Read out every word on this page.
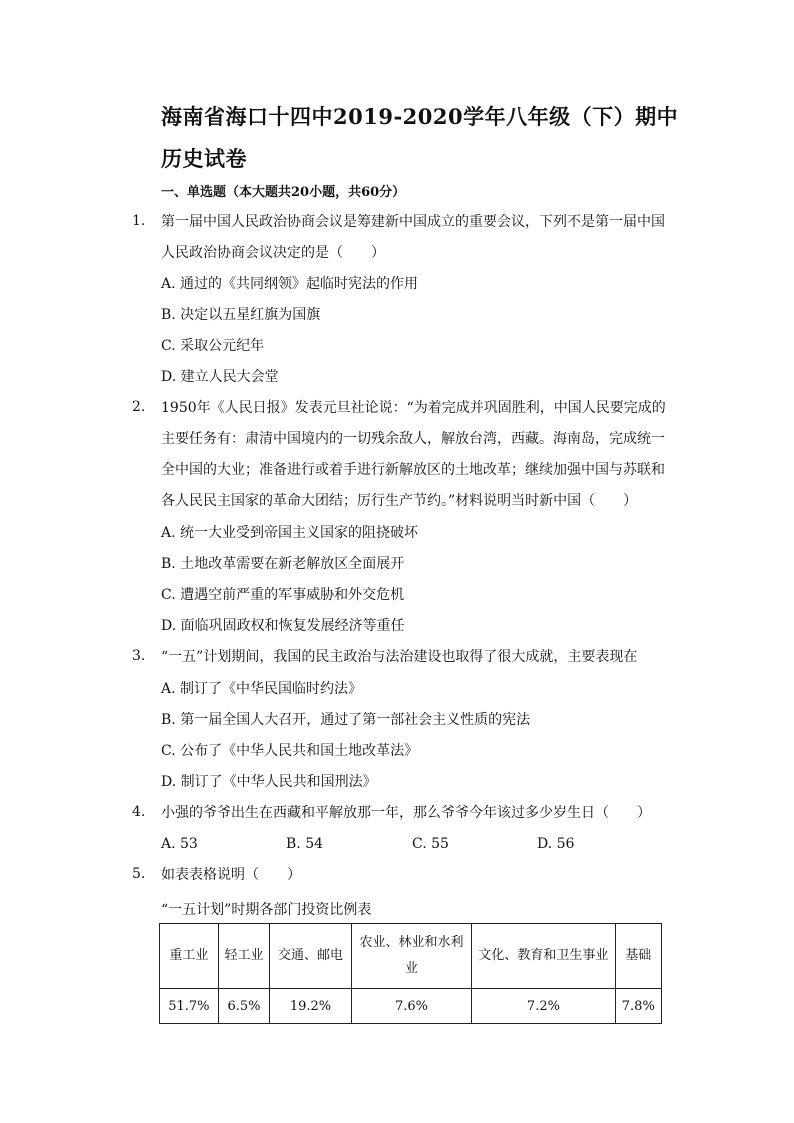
海南省海口十四中2019-2020学年八年级（下）期中历史试卷
一、单选题（本大题共20小题，共60分）
1.	第一届中国人民政治协商会议是筹建新中国成立的重要会议，下列不是第一届中国人民政治协商会议决定的是（　　）
A. 通过的《共同纲领》起临时宪法的作用
B. 决定以五星红旗为国旗
C. 采取公元纪年
D. 建立人民大会堂
2.	1950年《人民日报》发表元旦社论说：“为着完成并巩固胜利，中国人民要完成的主要任务有：肃清中国境内的一切残余敌人，解放台湾，西藏。海南岛，完成统一全中国的大业；准备进行或着手进行新解放区的土地改革；继续加强中国与苏联和各人民民主国家的革命大团结；厉行生产节约。”材料说明当时新中国（　　）
A. 统一大业受到帝国主义国家的阻挠破坏
B. 土地改革需要在新老解放区全面展开
C. 遭遇空前严重的军事威胁和外交危机
D. 面临巩固政权和恢复发展经济等重任
3.	“一五”计划期间，我国的民主政治与法治建设也取得了很大成就，主要表现在
A. 制订了《中华民国临时约法》
B. 第一届全国人大召开，通过了第一部社会主义性质的宪法
C. 公布了《中华人民共和国土地改革法》
D. 制订了《中华人民共和国刑法》
4.	小强的爷爷出生在西藏和平解放那一年，那么爷爷今年该过多少岁生日（　　）
A. 53	B. 54	C. 55	D. 56
5.	如表表格说明（　　）
“一五计划”时期各部门投资比例表
重工业	轻工业	交通、邮电	农业、林业和水利业	文化、教育和卫生事业	基础
51.7%	6.5%	19.2%	7.6%	7.2%	7.8%
